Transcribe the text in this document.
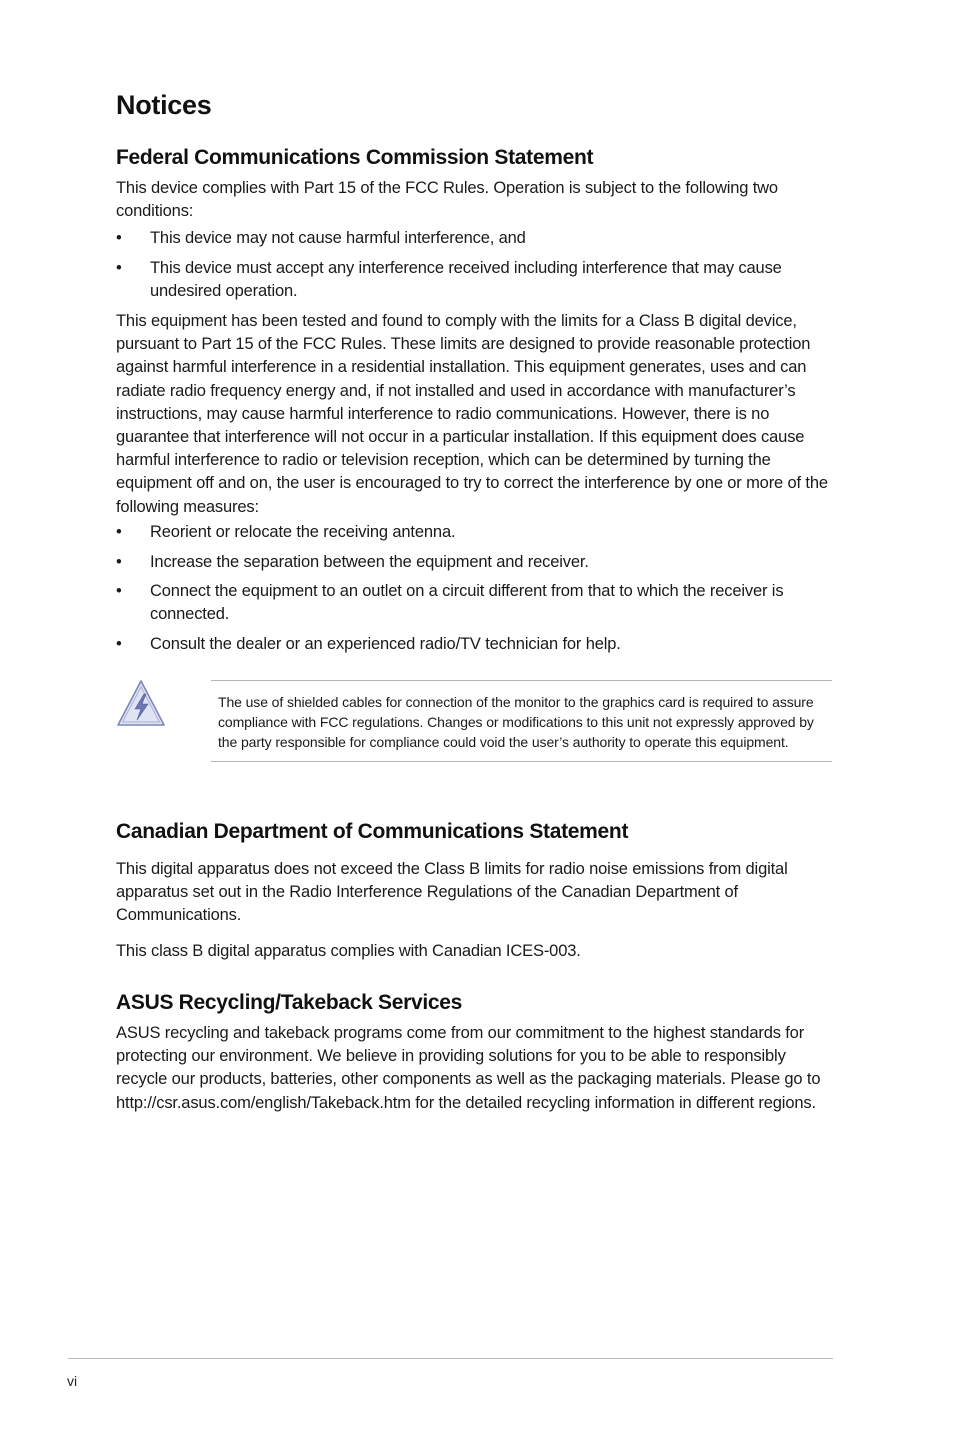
Notices
Federal Communications Commission Statement

This device complies with Part 15 of the FCC Rules. Operation is subject to the following two conditions:

• This device may not cause harmful interference, and
• This device must accept any interference received including interference that may cause undesired operation.

This equipment has been tested and found to comply with the limits for a Class B digital device, pursuant to Part 15 of the FCC Rules. These limits are designed to provide reasonable protection against harmful interference in a residential installation. This equipment generates, uses and can radiate radio frequency energy and, if not installed and used in accordance with manufacturer’s instructions, may cause harmful interference to radio communications. However, there is no guarantee that interference will not occur in a particular installation. If this equipment does cause harmful interference to radio or television reception, which can be determined by turning the equipment off and on, the user is encouraged to try to correct the interference by one or more of the following measures:

• Reorient or relocate the receiving antenna.
• Increase the separation between the equipment and receiver.
• Connect the equipment to an outlet on a circuit different from that to which the receiver is connected.
• Consult the dealer or an experienced radio/TV technician for help.

The use of shielded cables for connection of the monitor to the graphics card is required to assure compliance with FCC regulations. Changes or modifications to this unit not expressly approved by the party responsible for compliance could void the user’s authority to operate this equipment.

Canadian Department of Communications Statement

This digital apparatus does not exceed the Class B limits for radio noise emissions from digital apparatus set out in the Radio Interference Regulations of the Canadian Department of Communications.

This class B digital apparatus complies with Canadian ICES-003.

ASUS Recycling/Takeback Services

ASUS recycling and takeback programs come from our commitment to the highest standards for protecting our environment. We believe in providing solutions for you to be able to responsibly recycle our products, batteries, other components as well as the packaging materials. Please go to http://csr.asus.com/english/Takeback.htm for the detailed recycling information in different regions.

vi
